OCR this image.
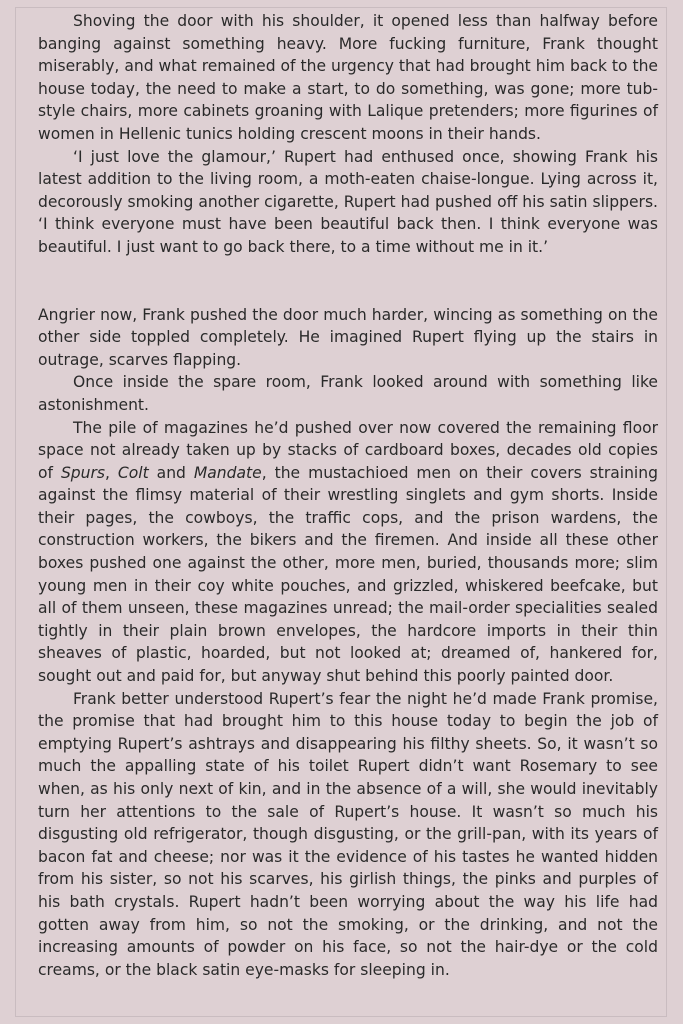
Shoving the door with his shoulder, it opened less than halfway before banging against something heavy. More fucking furniture, Frank thought miserably, and what remained of the urgency that had brought him back to the house today, the need to make a start, to do something, was gone; more tub-style chairs, more cabinets groaning with Lalique pretenders; more figurines of women in Hellenic tunics holding crescent moons in their hands.

‘I just love the glamour,’ Rupert had enthused once, showing Frank his latest addition to the living room, a moth-eaten chaise-longue. Lying across it, decorously smoking another cigarette, Rupert had pushed off his satin slippers. ‘I think everyone must have been beautiful back then. I think everyone was beautiful. I just want to go back there, to a time without me in it.’

Angrier now, Frank pushed the door much harder, wincing as something on the other side toppled completely. He imagined Rupert flying up the stairs in outrage, scarves flapping.

Once inside the spare room, Frank looked around with something like astonishment.

The pile of magazines he’d pushed over now covered the remaining floor space not already taken up by stacks of cardboard boxes, decades old copies of Spurs, Colt and Mandate, the mustachioed men on their covers straining against the flimsy material of their wrestling singlets and gym shorts. Inside their pages, the cowboys, the traffic cops, and the prison wardens, the construction workers, the bikers and the firemen. And inside all these other boxes pushed one against the other, more men, buried, thousands more; slim young men in their coy white pouches, and grizzled, whiskered beefcake, but all of them unseen, these magazines unread; the mail-order specialities sealed tightly in their plain brown envelopes, the hardcore imports in their thin sheaves of plastic, hoarded, but not looked at; dreamed of, hankered for, sought out and paid for, but anyway shut behind this poorly painted door.

Frank better understood Rupert’s fear the night he’d made Frank promise, the promise that had brought him to this house today to begin the job of emptying Rupert’s ashtrays and disappearing his filthy sheets. So, it wasn’t so much the appalling state of his toilet Rupert didn’t want Rosemary to see when, as his only next of kin, and in the absence of a will, she would inevitably turn her attentions to the sale of Rupert’s house. It wasn’t so much his disgusting old refrigerator, though disgusting, or the grill-pan, with its years of bacon fat and cheese; nor was it the evidence of his tastes he wanted hidden from his sister, so not his scarves, his girlish things, the pinks and purples of his bath crystals. Rupert hadn’t been worrying about the way his life had gotten away from him, so not the smoking, or the drinking, and not the increasing amounts of powder on his face, so not the hair-dye or the cold creams, or the black satin eye-masks for sleeping in.
